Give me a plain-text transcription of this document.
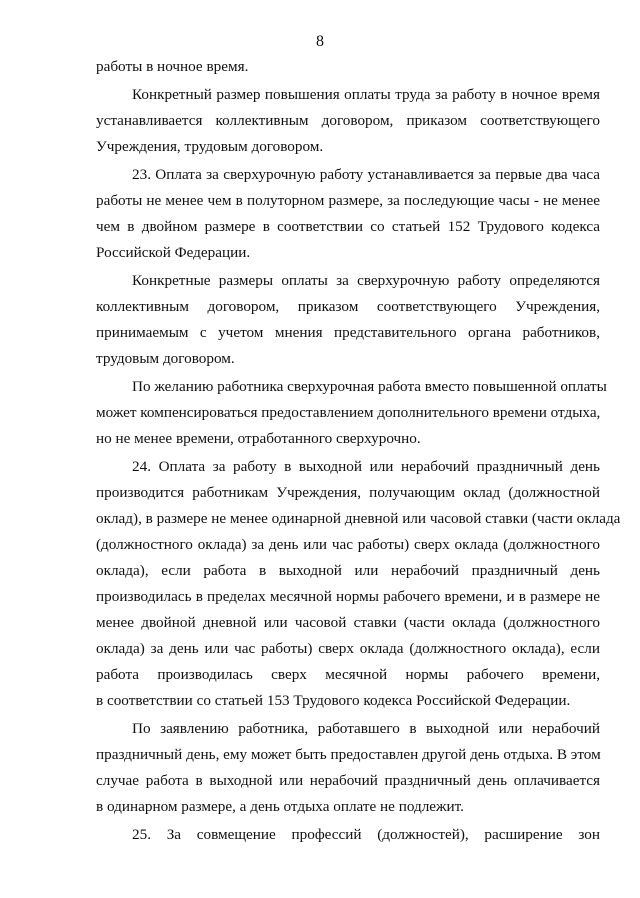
8
работы в ночное время.
Конкретный размер повышения оплаты труда за работу в ночное время
устанавливается коллективным договором, приказом соответствующего
Учреждения, трудовым договором.
23. Оплата за сверхурочную работу устанавливается за первые два часа
работы не менее чем в полуторном размере, за последующие часы - не менее
чем в двойном размере в соответствии со статьей 152 Трудового кодекса
Российской Федерации.
Конкретные размеры оплаты за сверхурочную работу определяются
коллективным договором, приказом соответствующего Учреждения,
принимаемым с учетом мнения представительного органа работников,
трудовым договором.
По желанию работника сверхурочная работа вместо повышенной оплаты
может компенсироваться предоставлением дополнительного времени отдыха,
но не менее времени, отработанного сверхурочно.
24. Оплата за работу в выходной или нерабочий праздничный день
производится работникам Учреждения, получающим оклад (должностной
оклад), в размере не менее одинарной дневной или часовой ставки (части оклада
(должностного оклада) за день или час работы) сверх оклада (должностного
оклада), если работа в выходной или нерабочий праздничный день
производилась в пределах месячной нормы рабочего времени, и в размере не
менее двойной дневной или часовой ставки (части оклада (должностного
оклада) за день или час работы) сверх оклада (должностного оклада), если
работа производилась сверх месячной нормы рабочего времени,
в соответствии со статьей 153 Трудового кодекса Российской Федерации.
По заявлению работника, работавшего в выходной или нерабочий
праздничный день, ему может быть предоставлен другой день отдыха. В этом
случае работа в выходной или нерабочий праздничный день оплачивается
в одинарном размере, а день отдыха оплате не подлежит.
25. За совмещение профессий (должностей), расширение зон
